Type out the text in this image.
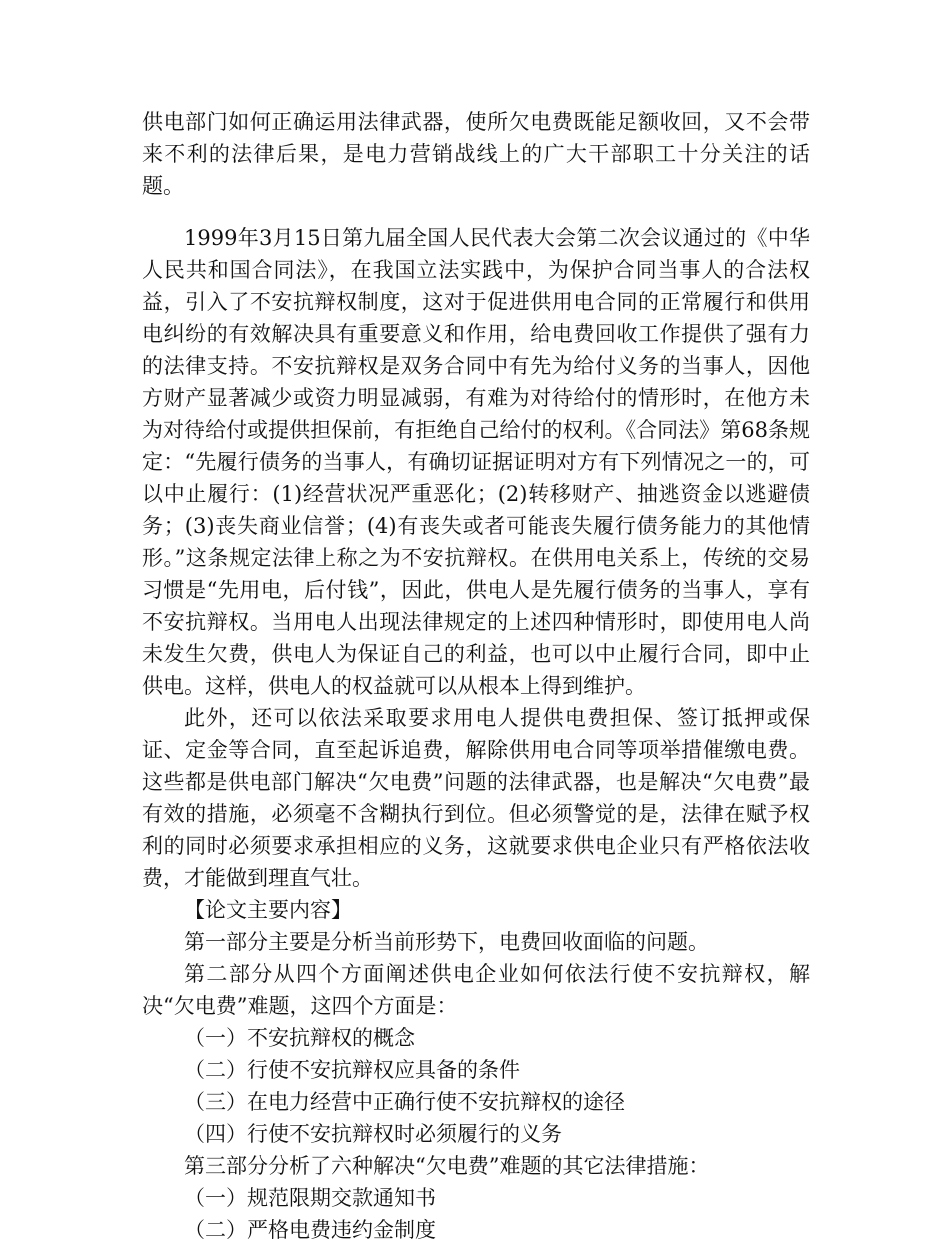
供电部门如何正确运用法律武器，使所欠电费既能足额收回，又不会带来不利的法律后果，是电力营销战线上的广大干部职工十分关注的话题。

1999年3月15日第九届全国人民代表大会第二次会议通过的《中华人民共和国合同法》，在我国立法实践中，为保护合同当事人的合法权益，引入了不安抗辩权制度，这对于促进供用电合同的正常履行和供用电纠纷的有效解决具有重要意义和作用，给电费回收工作提供了强有力的法律支持。不安抗辩权是双务合同中有先为给付义务的当事人，因他方财产显著减少或资力明显减弱，有难为对待给付的情形时，在他方未为对待给付或提供担保前，有拒绝自己给付的权利。《合同法》第68条规定：“先履行债务的当事人，有确切证据证明对方有下列情况之一的，可以中止履行：(1)经营状况严重恶化；(2)转移财产、抽逃资金以逃避债务；(3)丧失商业信誉；(4)有丧失或者可能丧失履行债务能力的其他情形。”这条规定法律上称之为不安抗辩权。在供用电关系上，传统的交易习惯是“先用电，后付钱”，因此，供电人是先履行债务的当事人，享有不安抗辩权。当用电人出现法律规定的上述四种情形时，即使用电人尚未发生欠费，供电人为保证自己的利益，也可以中止履行合同，即中止供电。这样，供电人的权益就可以从根本上得到维护。

此外，还可以依法采取要求用电人提供电费担保、签订抵押或保证、定金等合同，直至起诉追费，解除供用电合同等项举措催缴电费。这些都是供电部门解决“欠电费”问题的法律武器，也是解决“欠电费”最有效的措施，必须毫不含糊执行到位。但必须警觉的是，法律在赋予权利的同时必须要求承担相应的义务，这就要求供电企业只有严格依法收费，才能做到理直气壮。

【论文主要内容】

第一部分主要是分析当前形势下，电费回收面临的问题。

第二部分从四个方面阐述供电企业如何依法行使不安抗辩权，解决“欠电费”难题，这四个方面是：

（一）不安抗辩权的概念

（二）行使不安抗辩权应具备的条件

（三）在电力经营中正确行使不安抗辩权的途径

（四）行使不安抗辩权时必须履行的义务

第三部分分析了六种解决“欠电费”难题的其它法律措施：

（一）规范限期交款通知书

（二）严格电费违约金制度
